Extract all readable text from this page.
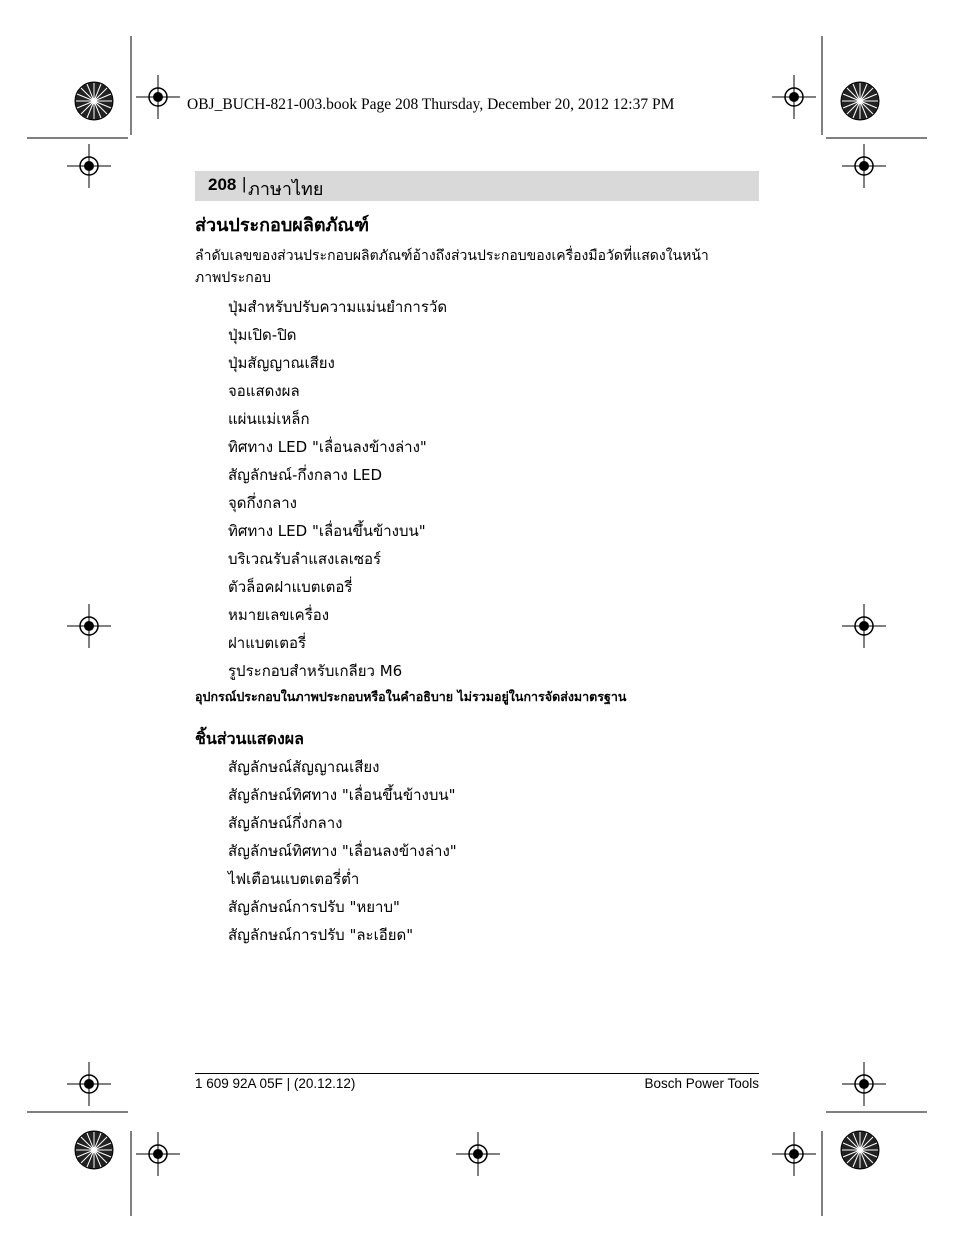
OBJ_BUCH-821-003.book Page 208 Thursday, December 20, 2012 12:37 PM
208 | ภาษาไทย
ส่วนประกอบผลิตภัณฑ์
ลำดับเลขของส่วนประกอบผลิตภัณฑ์อ้างถึงส่วนประกอบของเครื่องมือวัดที่แสดงในหน้าภาพประกอบ
ปุ่มสำหรับปรับความแม่นยำการวัด
ปุ่มเปิด-ปิด
ปุ่มสัญญาณเสียง
จอแสดงผล
แผ่นแม่เหล็ก
ทิศทาง LED "เลื่อนลงข้างล่าง"
สัญลักษณ์-กึ่งกลาง LED
จุดกึ่งกลาง
ทิศทาง LED "เลื่อนขึ้นข้างบน"
บริเวณรับลำแสงเลเซอร์
ตัวล็อคฝาแบตเตอรี่
หมายเลขเครื่อง
ฝาแบตเตอรี่
รูประกอบสำหรับเกลียว M6
อุปกรณ์ประกอบในภาพประกอบหรือในคำอธิบาย ไม่รวมอยู่ในการจัดส่งมาตรฐาน
ชิ้นส่วนแสดงผล
สัญลักษณ์สัญญาณเสียง
สัญลักษณ์ทิศทาง "เลื่อนขึ้นข้างบน"
สัญลักษณ์กึ่งกลาง
สัญลักษณ์ทิศทาง "เลื่อนลงข้างล่าง"
ไฟเตือนแบตเตอรี่ต่ำ
สัญลักษณ์การปรับ "หยาบ"
สัญลักษณ์การปรับ "ละเอียด"
1 609 92A 05F | (20.12.12)	Bosch Power Tools
